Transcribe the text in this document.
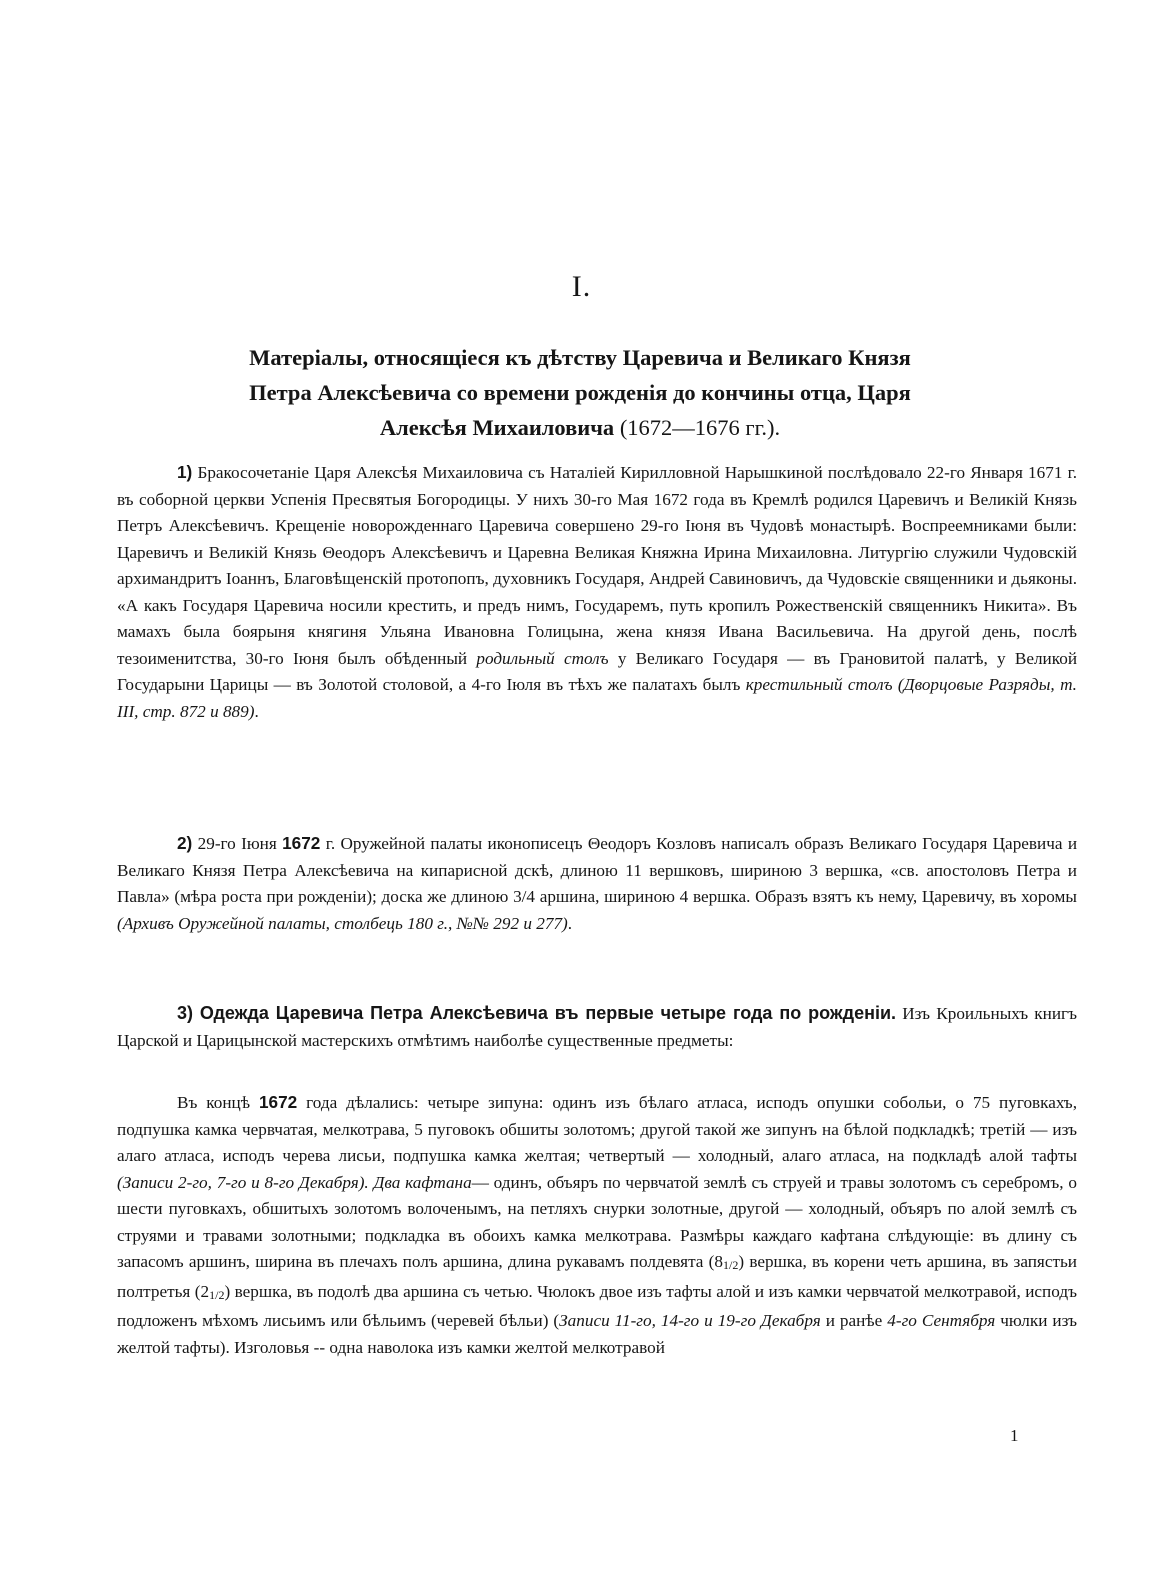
I.
Матеріалы, относящіеся къ дѣтству Царевича и Великаго Князя
Петра Алексѣевича со времени рожденія до кончины отца, Царя
Алексѣя Михаиловича (1672—1676 гг.).

1) Бракосочетаніе Царя Алексѣя Михаиловича съ Наталіей Кирилловной Нарышкиной послѣдовало 22-го Января 1671 г. въ соборной церкви Успенія Пресвятыя Богородицы. У нихъ 30-го Мая 1672 года въ Кремлѣ родился Царевичъ и Великій Князь Петръ Алексѣевичъ. Крещеніе новорожденнаго Царевича совершено 29-го Іюня въ Чудовѣ монастырѣ. Воспреемниками были: Царевичъ и Великій Князь Θеодоръ Алексѣевичъ и Царевна Великая Княжна Ирина Михаиловна. Литургію служили Чудовскій архимандритъ Іоаннъ, Благовѣщенскій протопопъ, духовникъ Государя, Андрей Савиновичъ, да Чудовскіе священники и дьяконы. «А какъ Государя Царевича носили крестить, и предъ нимъ, Государемъ, путь кропилъ Рожественскій священникъ Никита». Въ мамахъ была боярыня княгиня Ульяна Ивановна Голицына, жена князя Ивана Васильевича. На другой день, послѣ тезоименитства, 30-го Іюня былъ обѣденный родильный столъ у Великаго Государя — въ Грановитой палатѣ, у Великой Государыни Царицы — въ Золотой столовой, а 4-го Іюля въ тѣхъ же палатахъ былъ крестильный столъ (Дворцовые Разряды, т. III, стр. 872 и 889).

2) 29-го Іюня 1672 г. Оружейной палаты иконописецъ Θеодоръ Козловъ написалъ образъ Великаго Государя Царевича и Великаго Князя Петра Алексѣевича на кипарисной дскѣ, длиною 11 вершковъ, шириною 3 вершка, «св. апостоловъ Петра и Павла» (мѣра роста при рожденіи); доска же длиною 3/4 аршина, шириною 4 вершка. Образъ взятъ къ нему, Царевичу, въ хоромы (Архивъ Оружейной палаты, столбець 180 г., №№ 292 и 277).

3) Одежда Царевича Петра Алексѣевича въ первые четыре года по рожденіи. Изъ Кроильныхъ книгъ Царской и Царицынской мастерскихъ отмѣтимъ наиболѣе существенные предметы:

Въ концѣ 1672 года дѣлались: четыре зипуна: одинъ изъ бѣлаго атласа, исподъ опушки собольи, о 75 пуговкахъ, подпушка камка червчатая, мелкотрава, 5 пуговокъ обшиты золотомъ; другой такой же зипунъ на бѣлой подкладкѣ; третій — изъ алаго атласа, исподъ черева лисьи, подпушка камка желтая; четвертый — холодный, алаго атласа, на подкладѣ алой тафты (Записи 2-го, 7-го и 8-го Декабря). Два кафтана— одинъ, объяръ по червчатой землѣ съ струей и травы золотомъ съ серебромъ, о шести пуговкахъ, обшитыхъ золотомъ волоченымъ, на петляхъ снурки золотные, другой — холодный, объяръ по алой землѣ съ струями и травами золотными; подкладка въ обоихъ камка мелкотрава. Размѣры каждаго кафтана слѣдующіе: въ длину съ запасомъ аршинъ, ширина въ плечахъ полъ аршина, длина рукавамъ полдевята (81/2) вершка, въ корени четь аршина, въ запястьи полтретья (21/2) вершка, въ подолѣ два аршина съ четью. Чюлокъ двое изъ тафты алой и изъ камки червчатой мелкотравой, исподъ подложенъ мѣхомъ лисьимъ или бѣльимъ (черевей бѣльи) (Записи 11-го, 14-го и 19-го Декабря и ранѣе 4-го Сентября чюлки изъ желтой тафты). Изголовья -- одна наволока изъ камки желтой мелкотравой

1
